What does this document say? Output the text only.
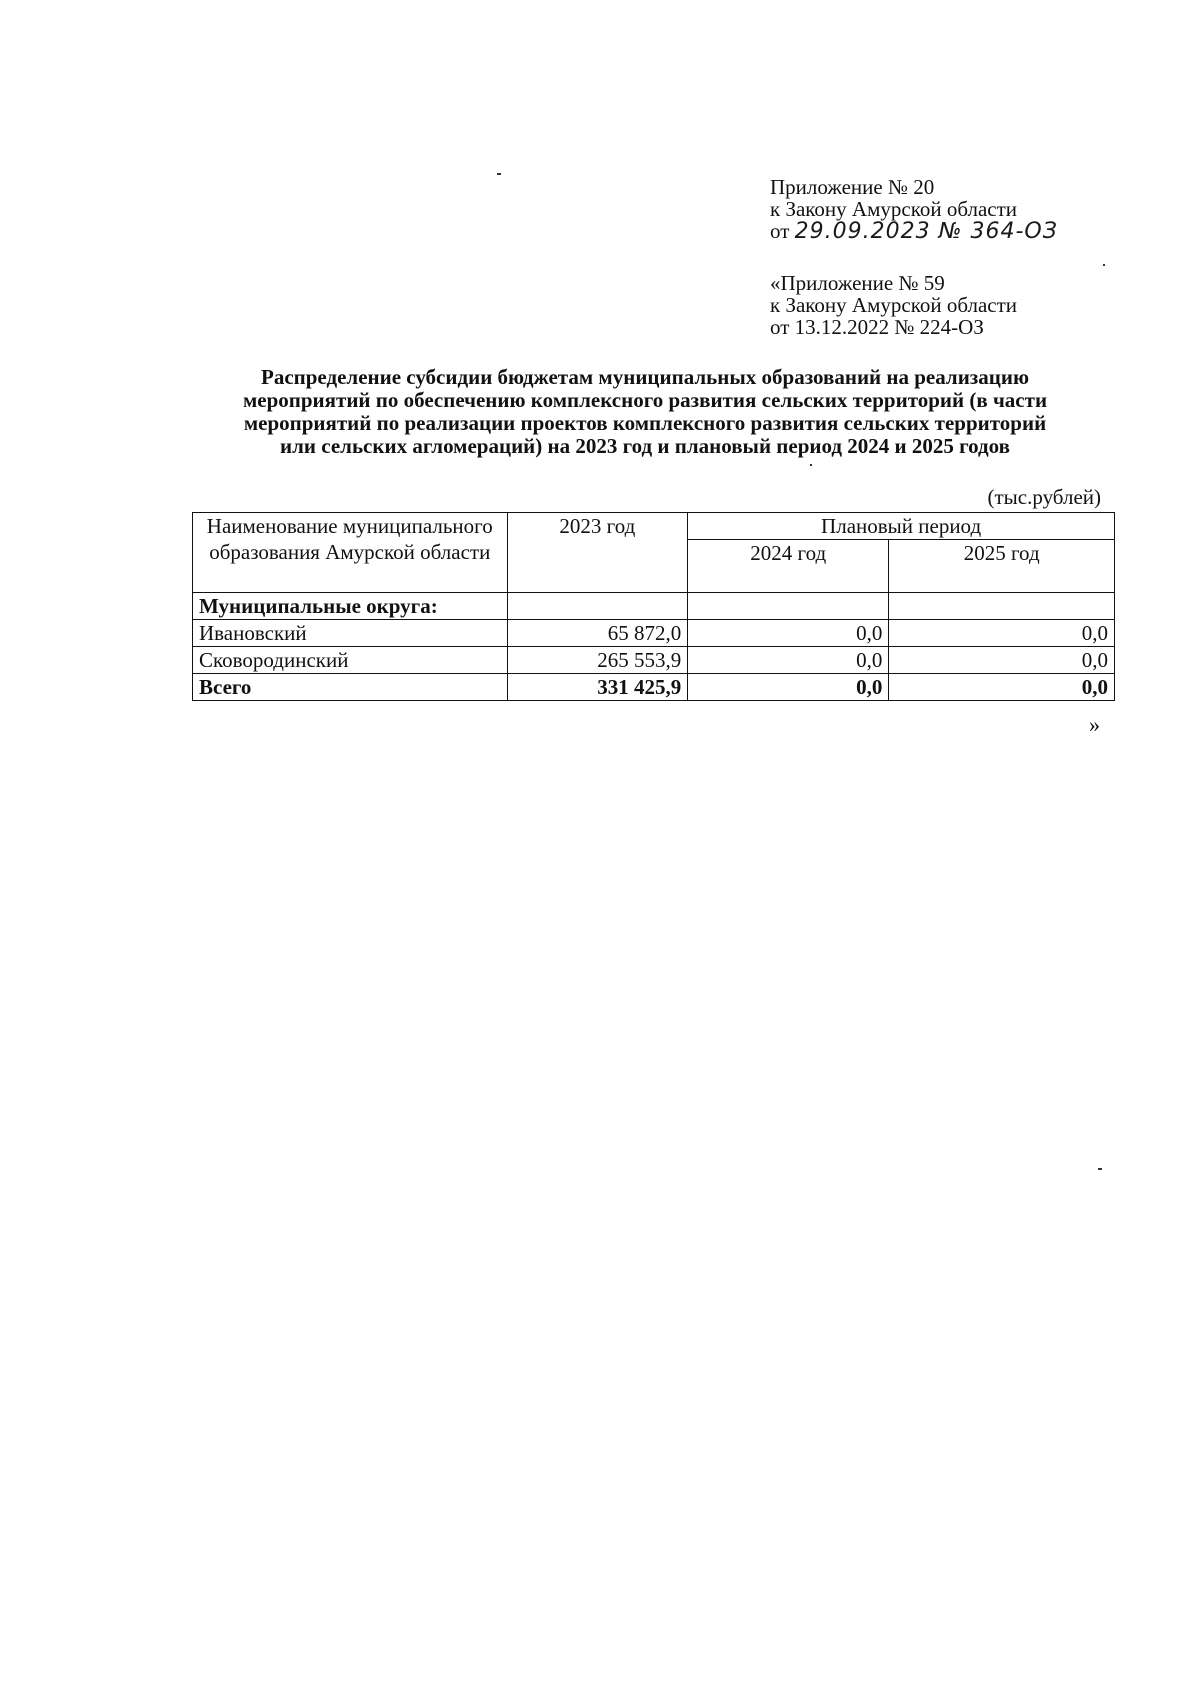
Приложение № 20
к Закону Амурской области
от 29.09.2023 № 364-ОЗ
«Приложение № 59
к Закону Амурской области
от 13.12.2022 № 224-ОЗ
Распределение субсидии бюджетам муниципальных образований на реализацию
мероприятий по обеспечению комплексного развития сельских территорий (в части
мероприятий по реализации проектов комплексного развития сельских территорий
или сельских агломераций) на 2023 год и плановый период 2024 и 2025 годов
(тыс.рублей)
Наименование муниципального образования Амурской области	2023 год	Плановый период	
		2024 год	2025 год
Муниципальные округа:			
Ивановский	65 872,0	0,0	0,0
Сковородинский	265 553,9	0,0	0,0
Всего	331 425,9	0,0	0,0
»
